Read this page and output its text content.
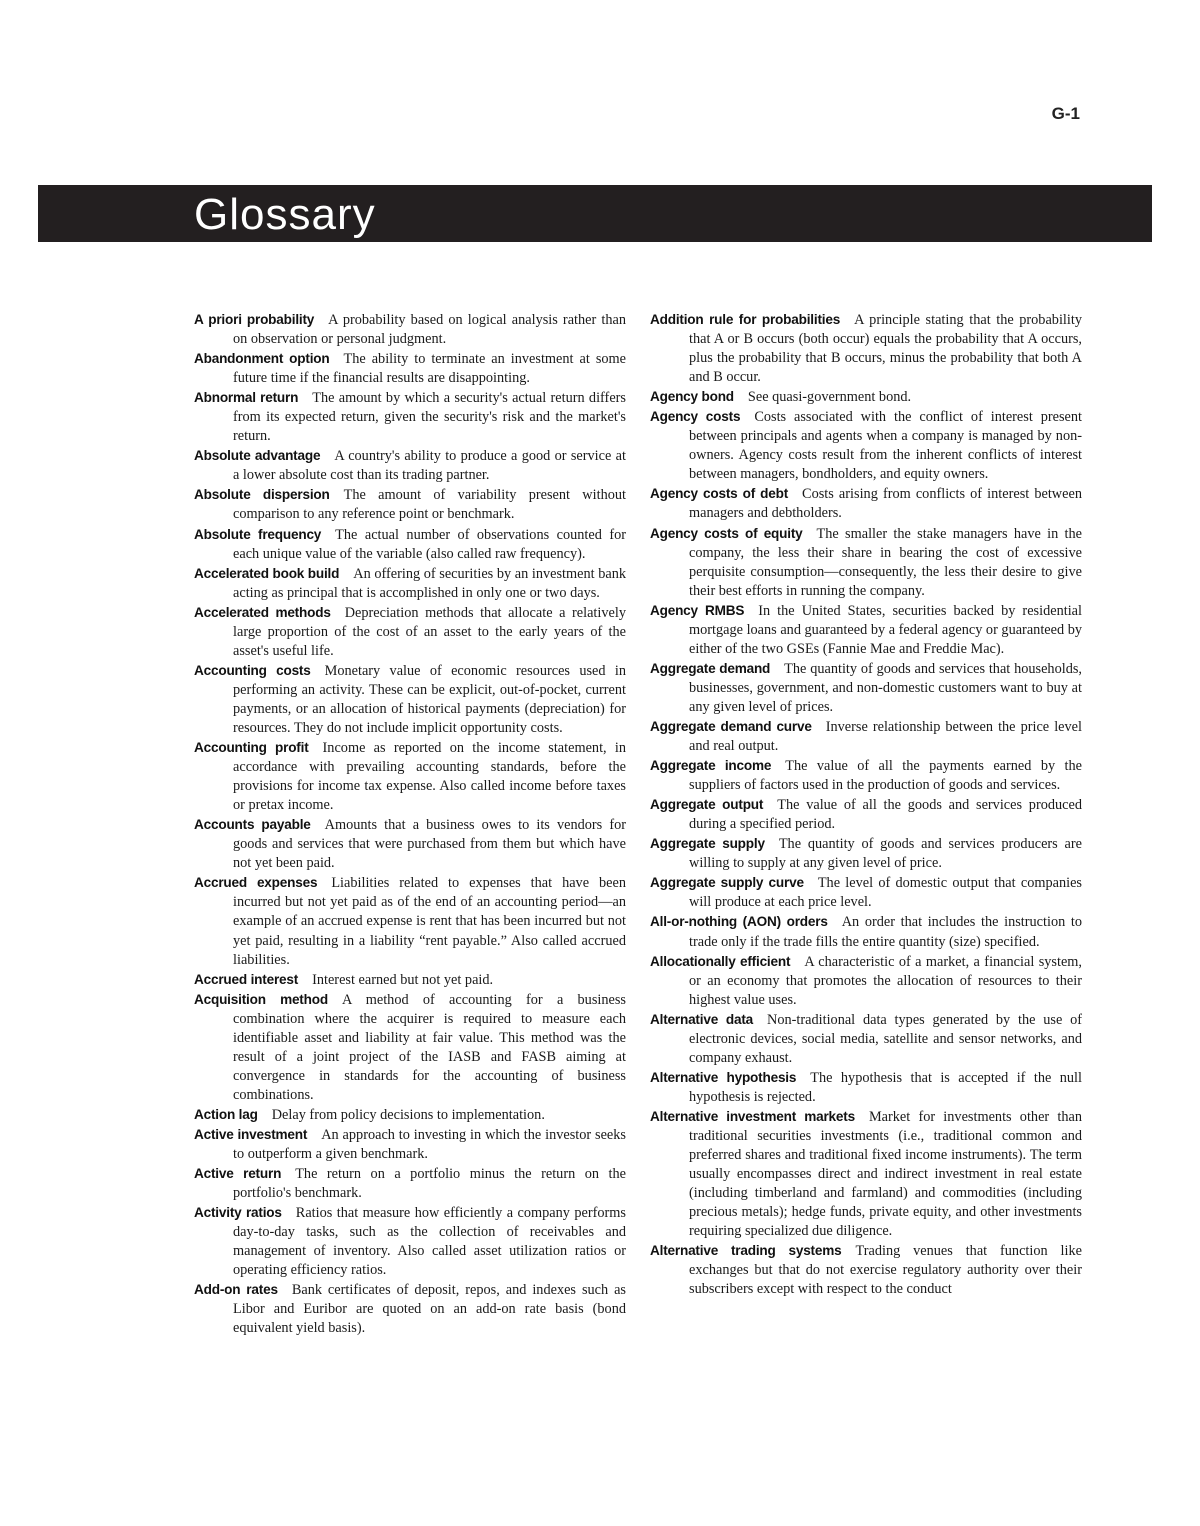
G-1
Glossary
A priori probability A probability based on logical analysis rather than on observation or personal judgment.
Abandonment option The ability to terminate an investment at some future time if the financial results are disappointing.
Abnormal return The amount by which a security's actual return differs from its expected return, given the security's risk and the market's return.
Absolute advantage A country's ability to produce a good or service at a lower absolute cost than its trading partner.
Absolute dispersion The amount of variability present without comparison to any reference point or benchmark.
Absolute frequency The actual number of observations counted for each unique value of the variable (also called raw frequency).
Accelerated book build An offering of securities by an investment bank acting as principal that is accomplished in only one or two days.
Accelerated methods Depreciation methods that allocate a relatively large proportion of the cost of an asset to the early years of the asset's useful life.
Accounting costs Monetary value of economic resources used in performing an activity. These can be explicit, out-of-pocket, current payments, or an allocation of historical payments (depreciation) for resources. They do not include implicit opportunity costs.
Accounting profit Income as reported on the income statement, in accordance with prevailing accounting standards, before the provisions for income tax expense. Also called income before taxes or pretax income.
Accounts payable Amounts that a business owes to its vendors for goods and services that were purchased from them but which have not yet been paid.
Accrued expenses Liabilities related to expenses that have been incurred but not yet paid as of the end of an accounting period—an example of an accrued expense is rent that has been incurred but not yet paid, resulting in a liability “rent payable.” Also called accrued liabilities.
Accrued interest Interest earned but not yet paid.
Acquisition method A method of accounting for a business combination where the acquirer is required to measure each identifiable asset and liability at fair value. This method was the result of a joint project of the IASB and FASB aiming at convergence in standards for the accounting of business combinations.
Action lag Delay from policy decisions to implementation.
Active investment An approach to investing in which the investor seeks to outperform a given benchmark.
Active return The return on a portfolio minus the return on the portfolio's benchmark.
Activity ratios Ratios that measure how efficiently a company performs day-to-day tasks, such as the collection of receivables and management of inventory. Also called asset utilization ratios or operating efficiency ratios.
Add-on rates Bank certificates of deposit, repos, and indexes such as Libor and Euribor are quoted on an add-on rate basis (bond equivalent yield basis).
Addition rule for probabilities A principle stating that the probability that A or B occurs (both occur) equals the probability that A occurs, plus the probability that B occurs, minus the probability that both A and B occur.
Agency bond See quasi-government bond.
Agency costs Costs associated with the conflict of interest present between principals and agents when a company is managed by non-owners. Agency costs result from the inherent conflicts of interest between managers, bondholders, and equity owners.
Agency costs of debt Costs arising from conflicts of interest between managers and debtholders.
Agency costs of equity The smaller the stake managers have in the company, the less their share in bearing the cost of excessive perquisite consumption—consequently, the less their desire to give their best efforts in running the company.
Agency RMBS In the United States, securities backed by residential mortgage loans and guaranteed by a federal agency or guaranteed by either of the two GSEs (Fannie Mae and Freddie Mac).
Aggregate demand The quantity of goods and services that households, businesses, government, and non-domestic customers want to buy at any given level of prices.
Aggregate demand curve Inverse relationship between the price level and real output.
Aggregate income The value of all the payments earned by the suppliers of factors used in the production of goods and services.
Aggregate output The value of all the goods and services produced during a specified period.
Aggregate supply The quantity of goods and services producers are willing to supply at any given level of price.
Aggregate supply curve The level of domestic output that companies will produce at each price level.
All-or-nothing (AON) orders An order that includes the instruction to trade only if the trade fills the entire quantity (size) specified.
Allocationally efficient A characteristic of a market, a financial system, or an economy that promotes the allocation of resources to their highest value uses.
Alternative data Non-traditional data types generated by the use of electronic devices, social media, satellite and sensor networks, and company exhaust.
Alternative hypothesis The hypothesis that is accepted if the null hypothesis is rejected.
Alternative investment markets Market for investments other than traditional securities investments (i.e., traditional common and preferred shares and traditional fixed income instruments). The term usually encompasses direct and indirect investment in real estate (including timberland and farmland) and commodities (including precious metals); hedge funds, private equity, and other investments requiring specialized due diligence.
Alternative trading systems Trading venues that function like exchanges but that do not exercise regulatory authority over their subscribers except with respect to the conduct
